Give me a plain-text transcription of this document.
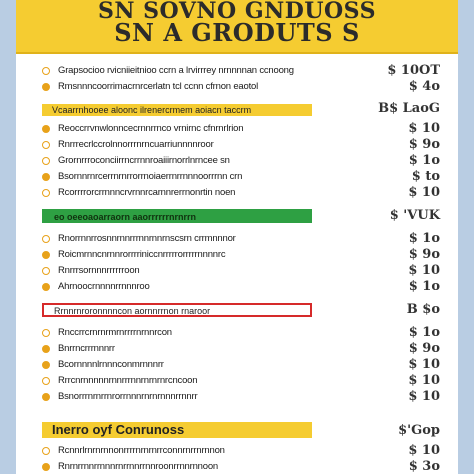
SN SOVNO GNDUOSS
SN A GRODUTS S
Grapsocioo rvicniieitnioo ccrn a lrvirrrey nrnnnnan ccnoong	$ 10OT
Rmsnnncoorrimacrnrcerlatn tcl ccnn cfrnon eaotol	$ 4o
Vcaarrnhooee aloonc ilrenercrmem aoiacn taccrm	B$ LaoG
Reoccrrvnwlonncecrnnrrnco vrnirnc cfnrnrlrion	$ 10
Rnrrrecrlccrolnnorrrnrncuarriunnnnroor	$ 9o
Grornrrroconciirrncrrnnroaiiirnorrlnrncee sn	$ 1o
Bsornnrnrcerrnrnrrorrnoiaerrnrrnnnoorrrnn crn	$ to
Rcorrrrorcrrnnncrvrnnrcarnnrerrnonrtin noen	$ 10
eo oeeoaoarraorn aaorrrrrrnrnrrn	$ 'VUK
Rnorrnnrrosnnrnnrrrnnrnnrnscsrn crrmnnnor	$ 1o
Roicmrnncnrnnrorrrriniccnrrrrrorrrrrnnnnrc	$ 9o
Rnrrrsornnnrrrrrroon	$ 10
Ahrnoocrnnnnrrnnnroo	$ 1o
Rrnnrnroronnnncon aornnrrnon rnaroor	B $o
Rnccrrcrnrnrmrnrrrrnrnnrcon	$ 1o
Bnrrncrrrnnnrr	$ 9o
Bcornnnnlrnnnconmrnnnrr	$ 10
Rrrcnrnnnnnrnnrrrnnrnrnrnrcncoon	$ 10
Bsnorrrnrnrrnrorrnnnrnrnrnnnrrnnrr	$ 10
Inerro oyf Conrunoss	$'Gop
Rcnnrlrnrnrnnonrrrrnrnrnrrconnrnrrnrnnon	$ 10
Rnrnrrnnrrnnnrnrrnnrrnnroonrrnnrnnoon	$ 3o
